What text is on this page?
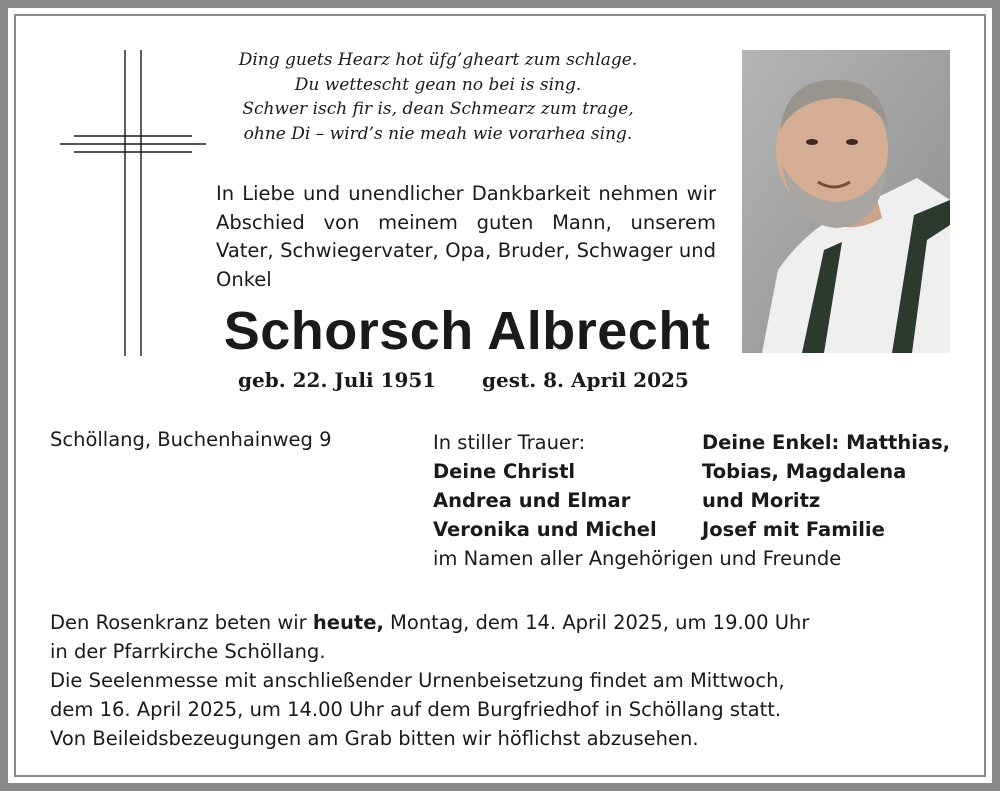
Ding guets Hearz hot üfg’gheart zum schlage.
Du wettescht gean no bei is sing.
Schwer isch fir is, dean Schmearz zum trage,
ohne Di – wird’s nie meah wie vorarhea sing.
In Liebe und unendlicher Dankbarkeit nehmen wir Abschied von meinem guten Mann, unserem Vater, Schwiegervater, Opa, Bruder, Schwager und Onkel
Schorsch Albrecht
geb. 22. Juli 1951 gest. 8. April 2025
Schöllang, Buchenhainweg 9	In stiller Trauer:
Deine Christl
Andrea und Elmar
Veronika und Michel
Deine Enkel: Matthias,
Tobias, Magdalena
und Moritz
Josef mit Familie
im Namen aller Angehörigen und Freunde
Den Rosenkranz beten wir heute, Montag, dem 14. April 2025, um 19.00 Uhr
in der Pfarrkirche Schöllang.
Die Seelenmesse mit anschließender Urnenbeisetzung findet am Mittwoch,
dem 16. April 2025, um 14.00 Uhr auf dem Burgfriedhof in Schöllang statt.
Von Beileidsbezeugungen am Grab bitten wir höflichst abzusehen.
